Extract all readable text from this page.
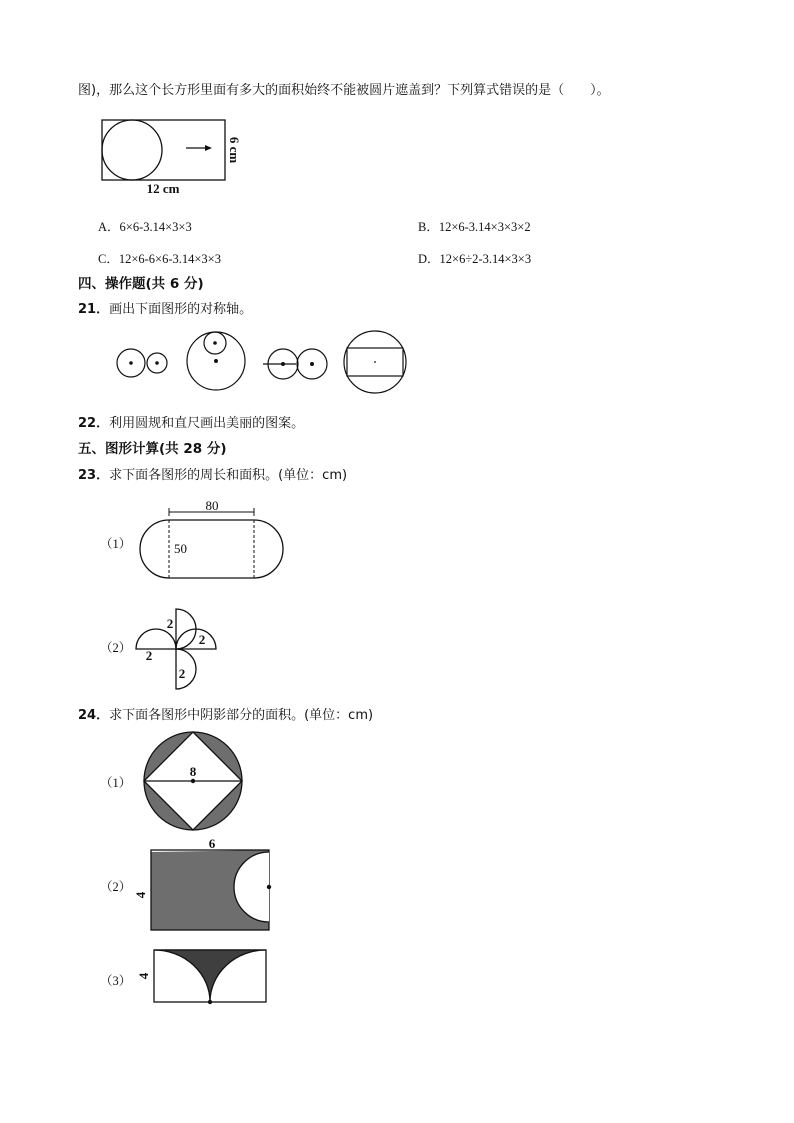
图)，那么这个长方形里面有多大的面积始终不能被圆片遮盖到？下列算式错误的是（　　）。
6 cm
12 cm
A．6×6-3.14×3×3	B．12×6-3.14×3×3×2
C．12×6-6×6-3.14×3×3	D．12×6÷2-3.14×3×3
四、操作题(共 6 分)
21．画出下面图形的对称轴。
22．利用圆规和直尺画出美丽的图案。
五、图形计算(共 28 分)
23．求下面各图形的周长和面积。(单位：cm)
（1）
（2）
80
50
2
2
2
2
24．求下面各图形中阴影部分的面积。(单位：cm)
（1）
（2）
（3）
8
6
4
4
